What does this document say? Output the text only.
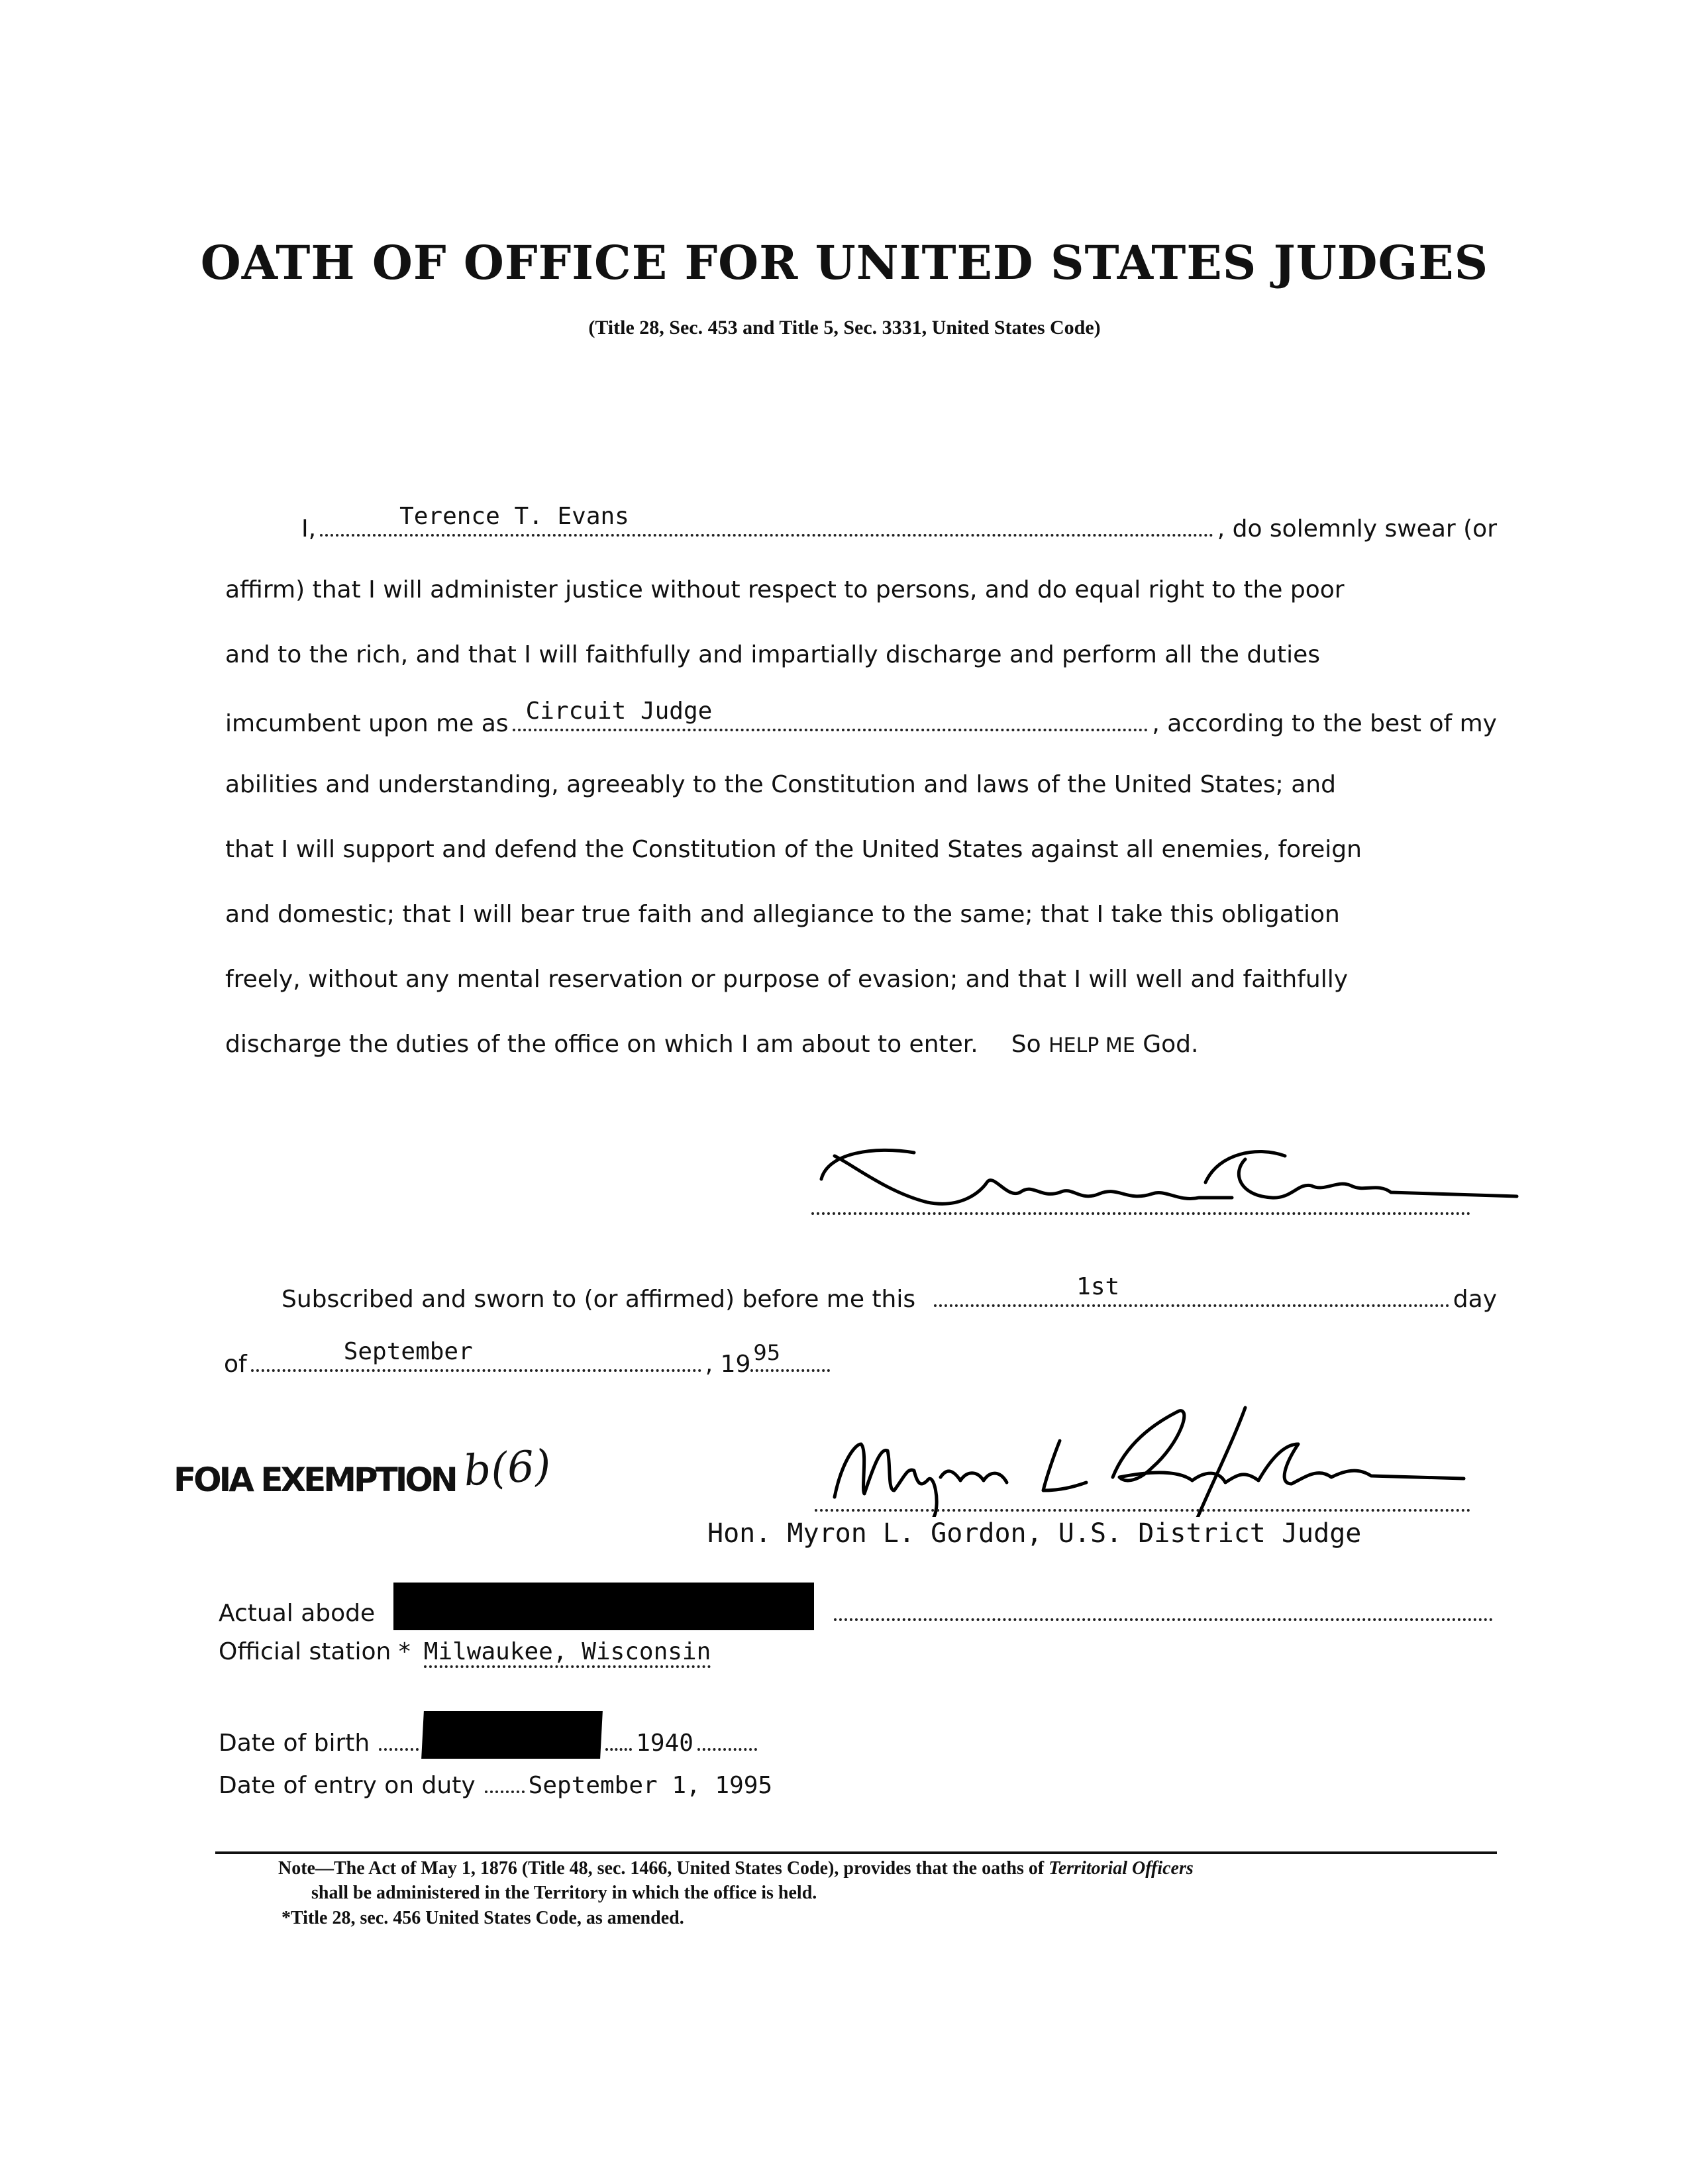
OATH OF OFFICE FOR UNITED STATES JUDGES
(Title 28, Sec. 453 and Title 5, Sec. 3331, United States Code)
I,	Terence T. Evans	, do solemnly swear (or
affirm) that I will administer justice without respect to persons, and do equal right to the poor
and to the rich, and that I will faithfully and impartially discharge and perform all the duties
imcumbent upon me as Circuit Judge	, according to the best of my
abilities and understanding, agreeably to the Constitution and laws of the United States; and
that I will support and defend the Constitution of the United States against all enemies, foreign
and domestic; that I will bear true faith and allegiance to the same; that I take this obligation
freely, without any mental reservation or purpose of evasion; and that I will well and faithfully
discharge the duties of the office on which I am about to enter. So HELP ME God.
Subscribed and sworn to (or affirmed) before me this	1st	day
of	September	, 19 95
FOIA EXEMPTION b(6)
Hon. Myron L. Gordon, U.S. District Judge
Actual abode
Official station * Milwaukee, Wisconsin
Date of birth	1940
Date of entry on duty September 1, 1995
Note—The Act of May 1, 1876 (Title 48, sec. 1466, United States Code), provides that the oaths of Territorial Officers
shall be administered in the Territory in which the office is held.
*Title 28, sec. 456 United States Code, as amended.
